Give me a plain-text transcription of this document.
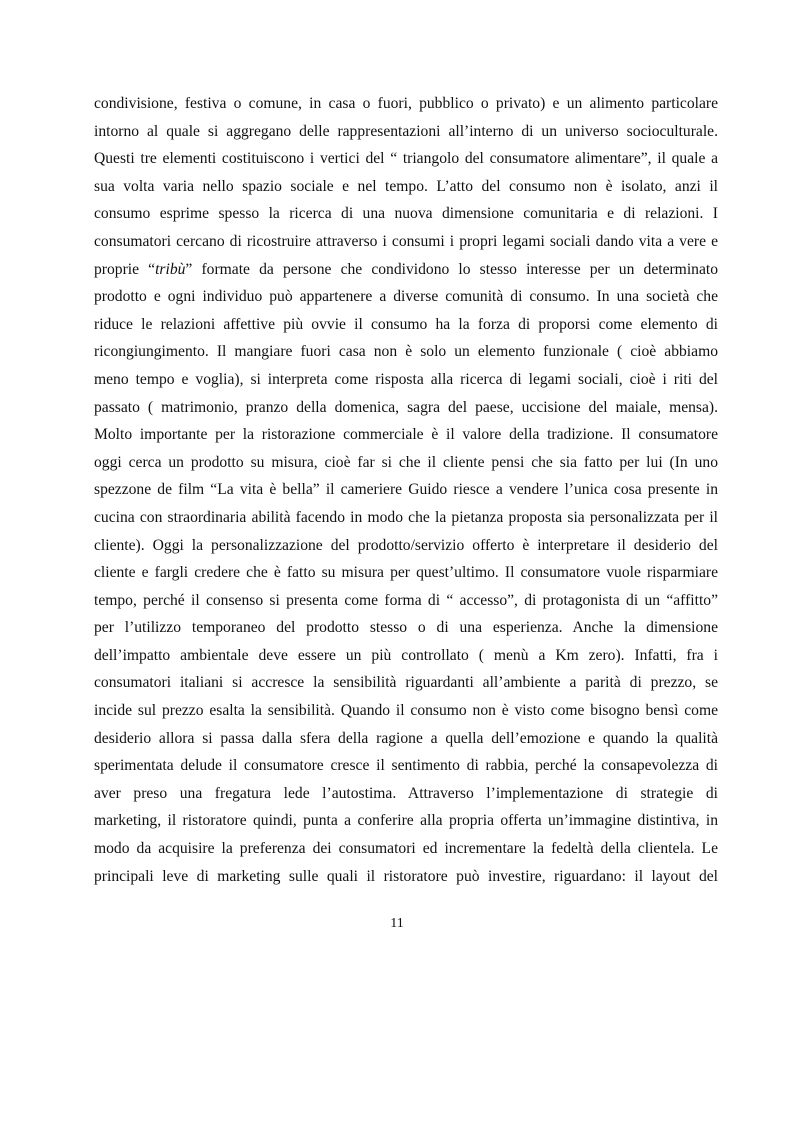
condivisione, festiva o comune, in casa o fuori, pubblico o privato) e un alimento particolare
intorno al quale si aggregano delle rappresentazioni all’interno di un universo socioculturale.
Questi tre elementi costituiscono i vertici del “ triangolo del consumatore alimentare”, il quale a
sua volta varia nello spazio sociale e nel tempo. L’atto del consumo non è isolato, anzi il
consumo esprime spesso la ricerca di una nuova dimensione comunitaria e di relazioni. I
consumatori cercano di ricostruire attraverso i consumi i propri legami sociali dando vita a vere e
proprie “tribù” formate da persone che condividono lo stesso interesse per un determinato
prodotto e ogni individuo può appartenere a diverse comunità di consumo. In una società che
riduce le relazioni affettive più ovvie il consumo ha la forza di proporsi come elemento di
ricongiungimento. Il mangiare fuori casa non è solo un elemento funzionale ( cioè abbiamo
meno tempo e voglia), si interpreta come risposta alla ricerca di legami sociali, cioè i riti del
passato ( matrimonio, pranzo della domenica, sagra del paese, uccisione del maiale, mensa).
Molto importante per la ristorazione commerciale è il valore della tradizione. Il consumatore
oggi cerca un prodotto su misura, cioè far si che il cliente pensi che sia fatto per lui (In uno
spezzone de film “La vita è bella” il cameriere Guido riesce a vendere l’unica cosa presente in
cucina con straordinaria abilità facendo in modo che la pietanza proposta sia personalizzata per il
cliente). Oggi la personalizzazione del prodotto/servizio offerto è interpretare il desiderio del
cliente e fargli credere che è fatto su misura per quest’ultimo. Il consumatore vuole risparmiare
tempo, perché il consenso si presenta come forma di “ accesso”, di protagonista di un “affitto”
per l’utilizzo temporaneo del prodotto stesso o di una esperienza. Anche la dimensione
dell’impatto ambientale deve essere un più controllato ( menù a Km zero). Infatti, fra i
consumatori italiani si accresce la sensibilità riguardanti all’ambiente a parità di prezzo, se
incide sul prezzo esalta la sensibilità. Quando il consumo non è visto come bisogno bensì come
desiderio allora si passa dalla sfera della ragione a quella dell’emozione e quando la qualità
sperimentata delude il consumatore cresce il sentimento di rabbia, perché la consapevolezza di
aver preso una fregatura lede l’autostima. Attraverso l’implementazione di strategie di
marketing, il ristoratore quindi, punta a conferire alla propria offerta un’immagine distintiva, in
modo da acquisire la preferenza dei consumatori ed incrementare la fedeltà della clientela. Le
principali leve di marketing sulle quali il ristoratore può investire, riguardano: il layout del
11
